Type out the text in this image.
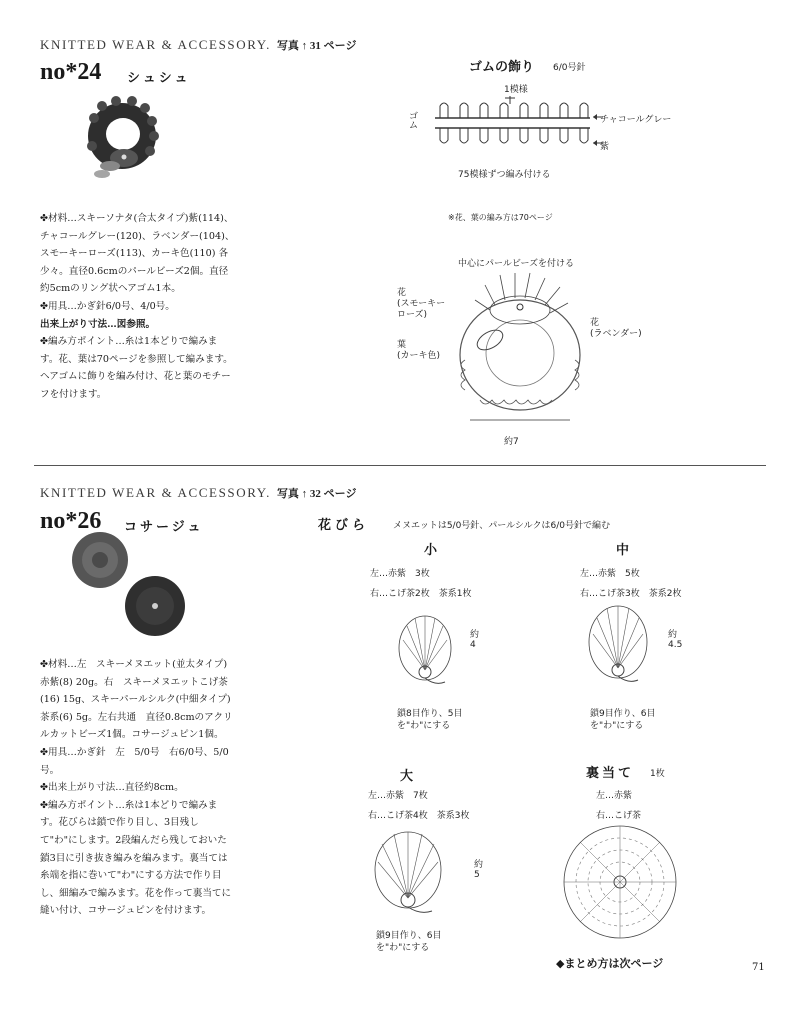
KNITTED WEAR & ACCESSORY. 写真 ↑ 31 ページ
no*24 シュシュ

✤材料…スキーソナタ(合太タイプ)紫(114)、チャコールグレー(120)、ラベンダー(104)、スモーキーローズ(113)、カーキ色(110) 各少々。直径0.6cmのパールビーズ2個。直径約5cmのリング状ヘアゴム1本。

✤用具…かぎ針6/0号、4/0号。

出来上がり寸法…図参照。

✤編み方ポイント…糸は1本どりで編みます。花、葉は70ページを参照して編みます。ヘアゴムに飾りを編み付け、花と葉のモチーフを付けます。

ゴムの飾り 6/0号針
1模様
ゴム
チャコールグレー
紫
75模様ずつ編み付ける
※花、葉の編み方は70ページ
中心にパールビーズを付ける
花
(スモーキー
ローズ)
花
(ラベンダー)
葉
(カーキ色)
約7
KNITTED WEAR & ACCESSORY. 写真 ↑ 32 ページ
no*26 コサージュ

✤材料…左　スキーメヌエット(並太タイプ)赤紫(8) 20g。右　スキーメヌエットこげ茶(16) 15g、スキーパールシルク(中細タイプ)茶系(6) 5g。左右共通　直径0.8cmのアクリルカットビーズ1個。コサージュピン1個。

✤用具…かぎ針　左　5/0号　右6/0号、5/0号。

✤出来上がり寸法…直径約8cm。

✤編み方ポイント…糸は1本どりで編みます。花びらは鎖で作り目し、3目残して"わ"にします。2段編んだら残しておいた鎖3目に引き抜き編みを編みます。裏当ては糸端を指に巻いて"わ"にする方法で作り目し、細編みで編みます。花を作って裏当てに縫い付け、コサージュピンを付けます。

花びら	メヌエットは5/0号針、パールシルクは6/0号針で編む
小
左…赤紫　3枚
右…こげ茶2枚　茶系1枚
約4
鎖8目作り、5目を"わ"にする
中
左…赤紫　5枚
右…こげ茶3枚　茶系2枚
約4.5
鎖9目作り、6目を"わ"にする
大
左…赤紫　7枚
右…こげ茶4枚　茶系3枚
約5
鎖9目作り、6目を"わ"にする
裏当て 1枚
左…赤紫
右…こげ茶
◆まとめ方は次ページ	71
